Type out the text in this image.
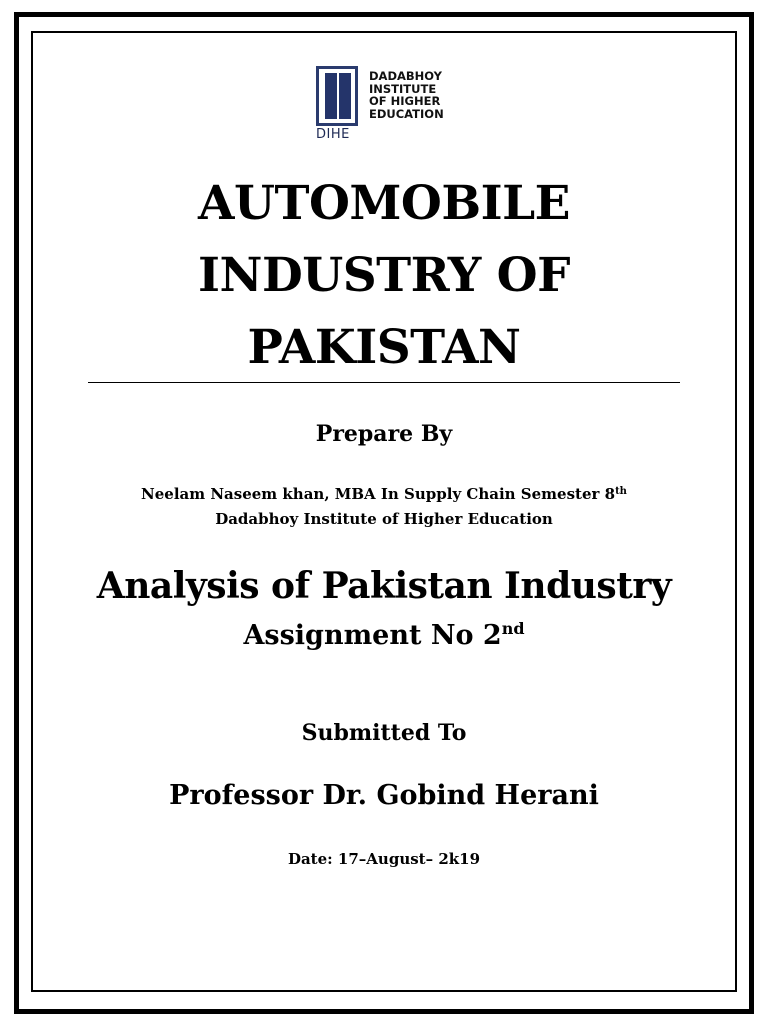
DIHE
DADABHOY
INSTITUTE
OF HIGHER
EDUCATION
AUTOMOBILE
INDUSTRY OF
PAKISTAN
Prepare By
Neelam Naseem khan, MBA In Supply Chain Semester 8th
Dadabhoy Institute of Higher Education
Analysis of Pakistan Industry
Assignment No 2nd
Submitted To
Professor Dr. Gobind Herani
Date: 17–August– 2k19
